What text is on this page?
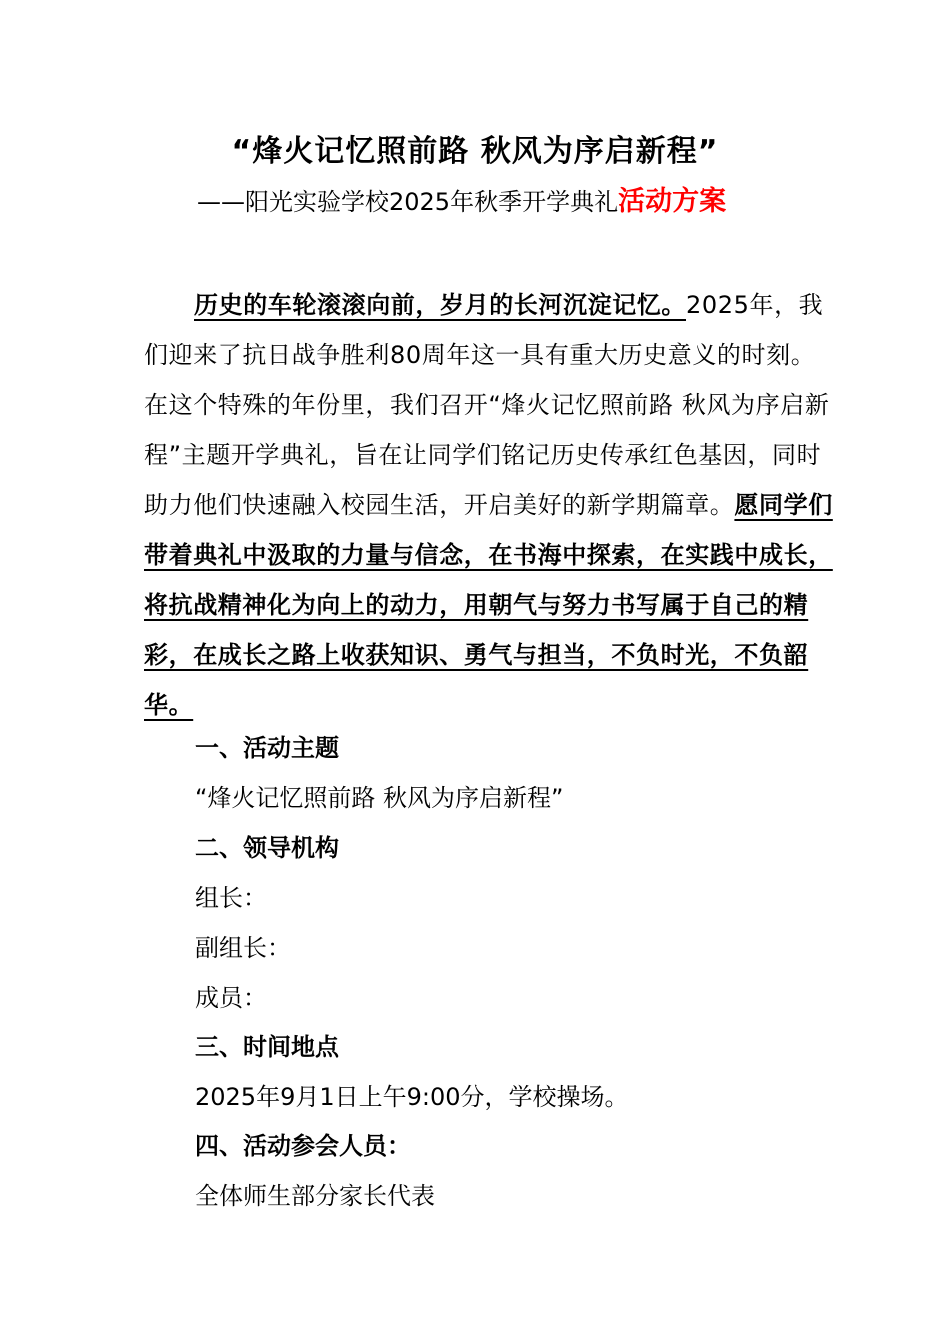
“烽火记忆照前路 秋风为序启新程”

——阳光实验学校2025年秋季开学典礼活动方案

历史的车轮滚滚向前，岁月的长河沉淀记忆。2025年，我们迎来了抗日战争胜利80周年这一具有重大历史意义的时刻。在这个特殊的年份里，我们召开“烽火记忆照前路 秋风为序启新程”主题开学典礼，旨在让同学们铭记历史传承红色基因，同时助力他们快速融入校园生活，开启美好的新学期篇章。愿同学们带着典礼中汲取的力量与信念，在书海中探索，在实践中成长，将抗战精神化为向上的动力，用朝气与努力书写属于自己的精彩，在成长之路上收获知识、勇气与担当，不负时光，不负韶华。

一、活动主题

“烽火记忆照前路 秋风为序启新程”

二、领导机构

组长：

副组长：

成员：

三、时间地点

2025年9月1日上午9:00分，学校操场。

四、活动参会人员：

全体师生部分家长代表
